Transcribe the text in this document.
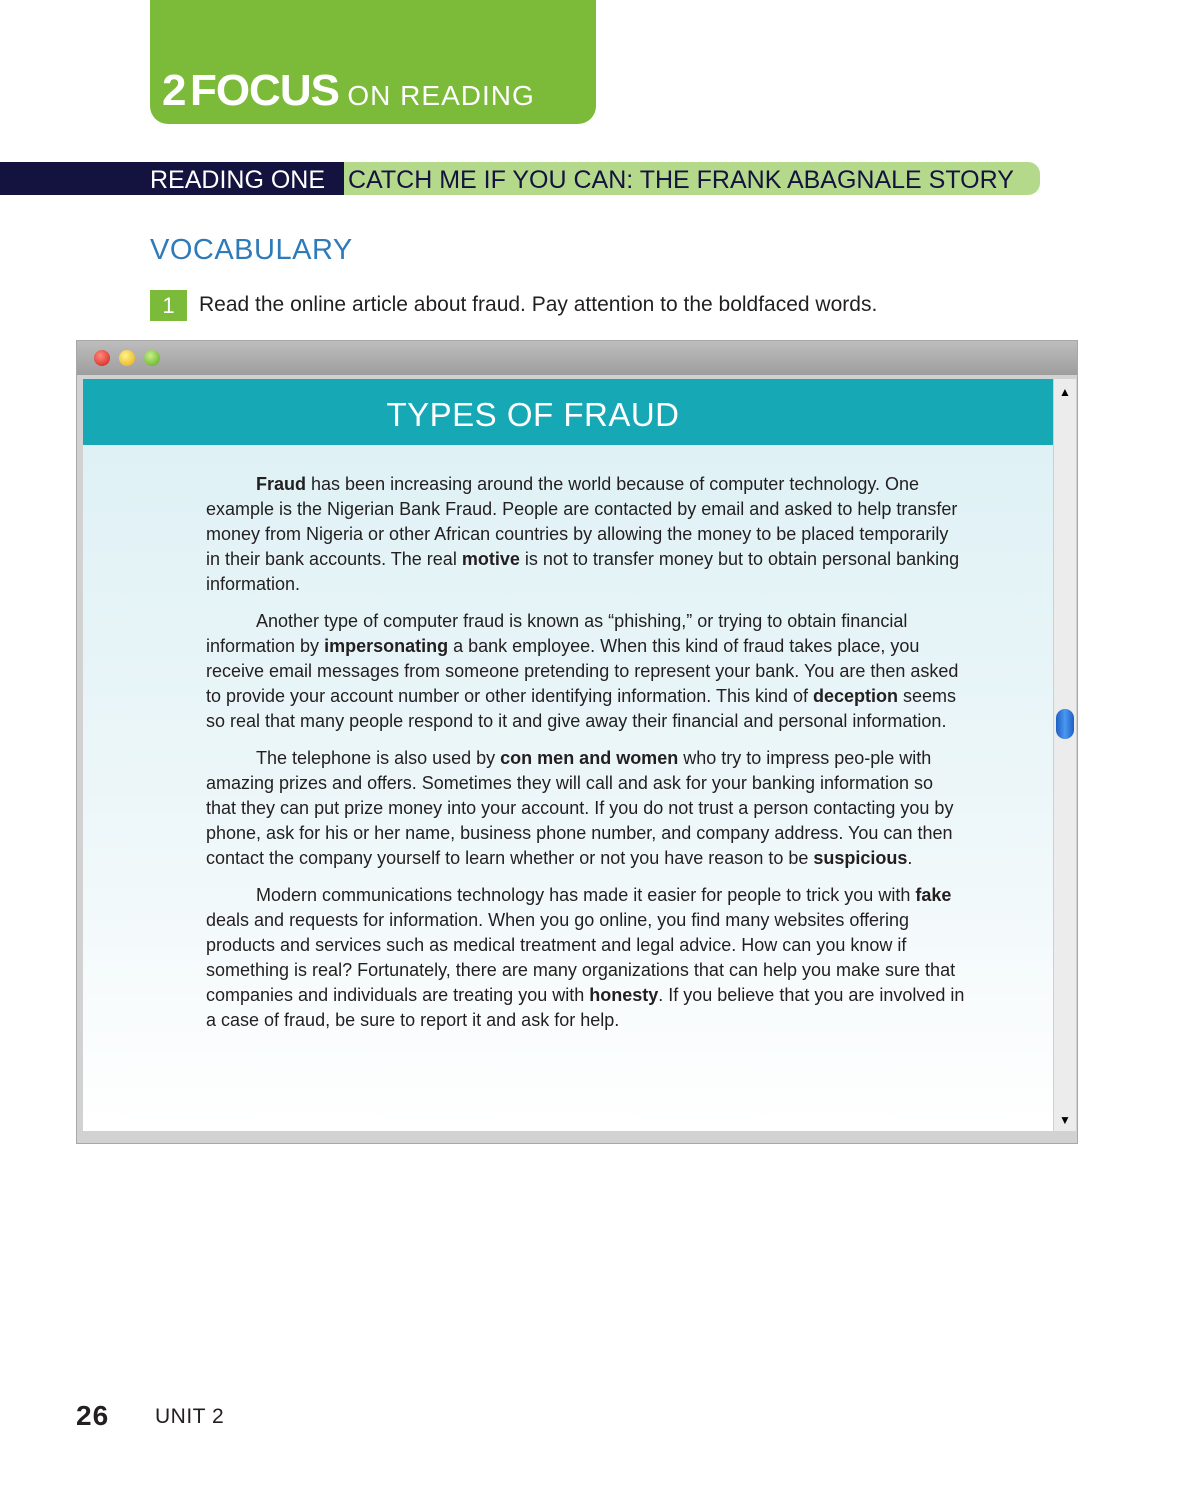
2 FOCUS ON READING
READING ONE CATCH ME IF YOU CAN: THE FRANK ABAGNALE STORY
VOCABULARY
1	Read the online article about fraud. Pay attention to the boldfaced words.
TYPES OF FRAUD

Fraud has been increasing around the world because of computer technology. One example is the Nigerian Bank Fraud. People are contacted by email and asked to help transfer money from Nigeria or other African countries by allowing the money to be placed temporarily in their bank accounts. The real motive is not to transfer money but to obtain personal banking information.

Another type of computer fraud is known as “phishing,” or trying to obtain financial information by impersonating a bank employee. When this kind of fraud takes place, you receive email messages from someone pretending to represent your bank. You are then asked to provide your account number or other identifying information. This kind of deception seems so real that many people respond to it and give away their financial and personal information.

The telephone is also used by con men and women who try to impress peo-ple with amazing prizes and offers. Sometimes they will call and ask for your banking information so that they can put prize money into your account. If you do not trust a person contacting you by phone, ask for his or her name, business phone number, and company address. You can then contact the company yourself to learn whether or not you have reason to be suspicious.

Modern communications technology has made it easier for people to trick you with fake deals and requests for information. When you go online, you find many websites offering products and services such as medical treatment and legal advice. How can you know if something is real? Fortunately, there are many organizations that can help you make sure that companies and individuals are treating you with honesty. If you believe that you are involved in a case of fraud, be sure to report it and ask for help.

▲
▼
26 UNIT 2
